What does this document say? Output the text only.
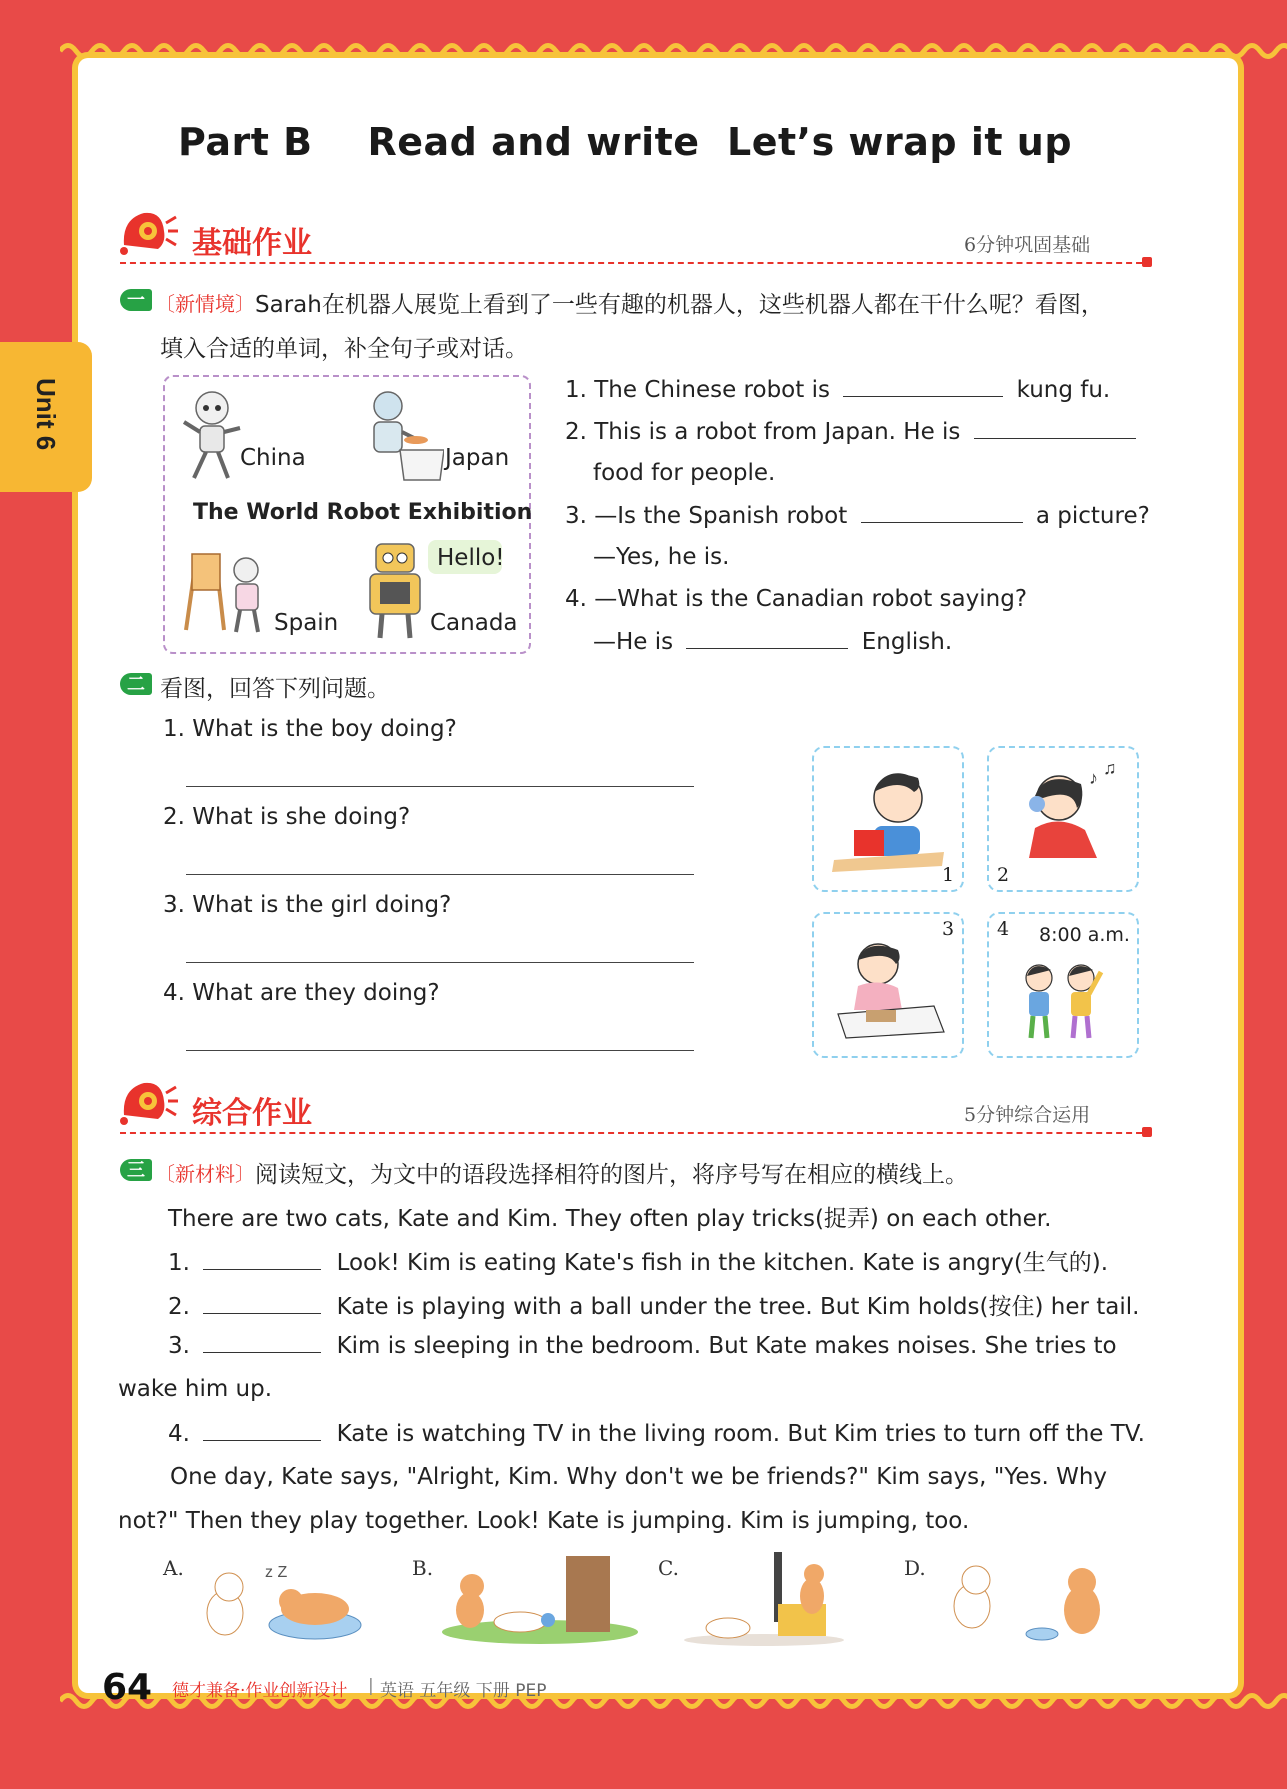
Unit 6
Part B    Read and write  Let’s wrap it up
基础作业	6分钟巩固基础
一 〔新情境〕 Sarah在机器人展览上看到了一些有趣的机器人，这些机器人都在干什么呢？看图，
填入合适的单词，补全句子或对话。
China	Japan
The World Robot Exhibition
Spain
Hello!
Canada
1. The Chinese robot is	kung fu.
2. This is a robot from Japan. He is
food for people.
3. —Is the Spanish robot	a picture?
—Yes, he is.
4. —What is the Canadian robot saying?
—He is	English.
二 看图，回答下列问题。
1. What is the boy doing?
2. What is she doing?
3. What is the girl doing?
4. What are they doing?
1
♪ ♫
2
3 4 8:00 a.m.
综合作业	5分钟综合运用
三 〔新材料〕 阅读短文，为文中的语段选择相符的图片，将序号写在相应的横线上。
There are two cats, Kate and Kim. They often play tricks(捉弄) on each other.
1.	Look! Kim is eating Kate's fish in the kitchen. Kate is angry(生气的).
2.	Kate is playing with a ball under the tree. But Kim holds(按住) her tail.
3.	Kim is sleeping in the bedroom. But Kate makes noises. She tries to
wake him up.
4.	Kate is watching TV in the living room. But Kim tries to turn off the TV.
One day, Kate says, "Alright, Kim. Why don't we be friends?" Kim says, "Yes. Why
not?" Then they play together. Look! Kate is jumping. Kim is jumping, too.
A.	z Z	B.	C.	D.
64 德才兼备·作业创新设计 | 英语 五年级 下册 PEP
